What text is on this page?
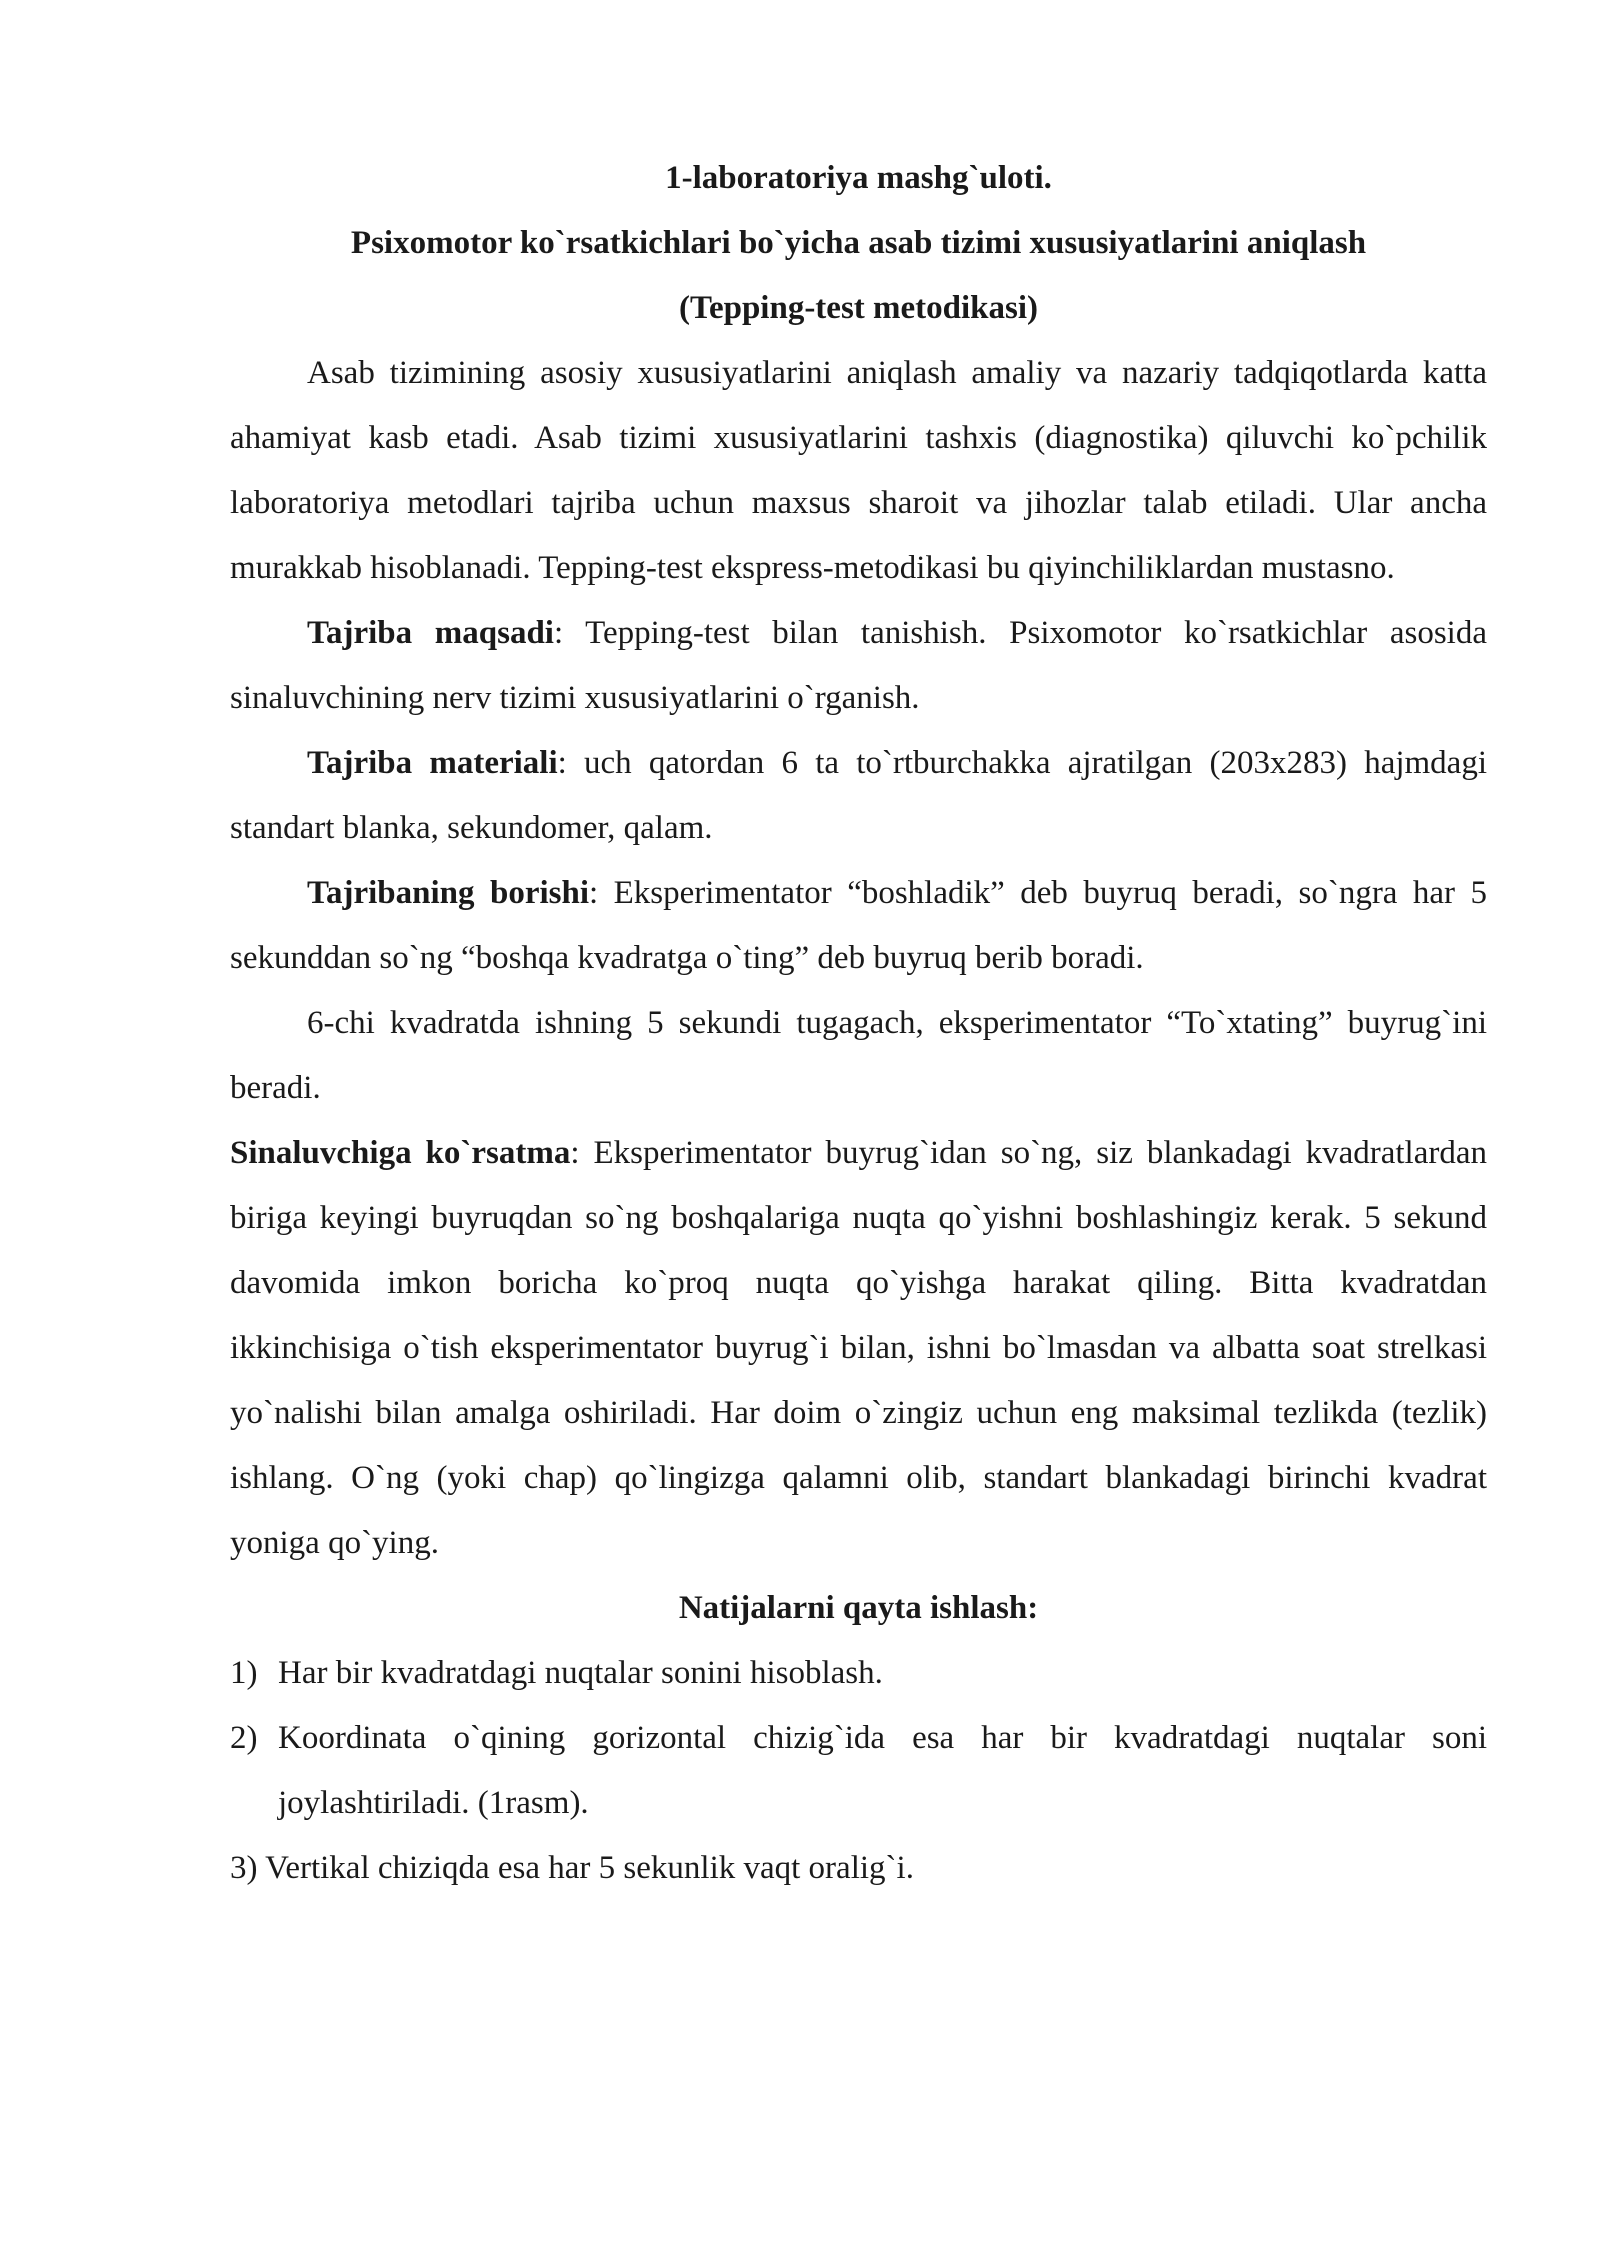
1-laboratoriya mashg`uloti.

Psixomotor ko`rsatkichlari bo`yicha asab tizimi xususiyatlarini aniqlash

(Tepping-test metodikasi)

Asab tizimining asosiy xususiyatlarini aniqlash amaliy va nazariy tadqiqotlarda katta ahamiyat kasb etadi. Asab tizimi xususiyatlarini tashxis (diagnostika) qiluvchi ko`pchilik laboratoriya metodlari tajriba uchun maxsus sharoit va jihozlar talab etiladi. Ular ancha murakkab hisoblanadi. Tepping-test ekspress-metodikasi bu qiyinchiliklardan mustasno.

Tajriba maqsadi: Tepping-test bilan tanishish. Psixomotor ko`rsatkichlar asosida sinaluvchining nerv tizimi xususiyatlarini o`rganish.

Tajriba materiali: uch qatordan 6 ta to`rtburchakka ajratilgan (203x283) hajmdagi standart blanka, sekundomer, qalam.

Tajribaning borishi: Eksperimentator “boshladik” deb buyruq beradi, so`ngra har 5 sekunddan so`ng “boshqa kvadratga o`ting” deb buyruq berib boradi.

6-chi kvadratda ishning 5 sekundi tugagach, eksperimentator “To`xtating” buyrug`ini beradi.

Sinaluvchiga ko`rsatma: Eksperimentator buyrug`idan so`ng, siz blankadagi kvadratlardan biriga keyingi buyruqdan so`ng boshqalariga nuqta qo`yishni boshlashingiz kerak. 5 sekund davomida imkon boricha ko`proq nuqta qo`yishga harakat qiling. Bitta kvadratdan ikkinchisiga o`tish eksperimentator buyrug`i bilan, ishni bo`lmasdan va albatta soat strelkasi yo`nalishi bilan amalga oshiriladi. Har doim o`zingiz uchun eng maksimal tezlikda (tezlik) ishlang. O`ng (yoki chap) qo`lingizga qalamni olib, standart blankadagi birinchi kvadrat yoniga qo`ying.

Natijalarni qayta ishlash:

1) Har bir kvadratdagi nuqtalar sonini hisoblash.
2) Koordinata o`qining gorizontal chizig`ida esa har bir kvadratdagi nuqtalar soni joylashtiriladi. (1rasm).
3) Vertikal chiziqda esa har 5 sekunlik vaqt oralig`i.
